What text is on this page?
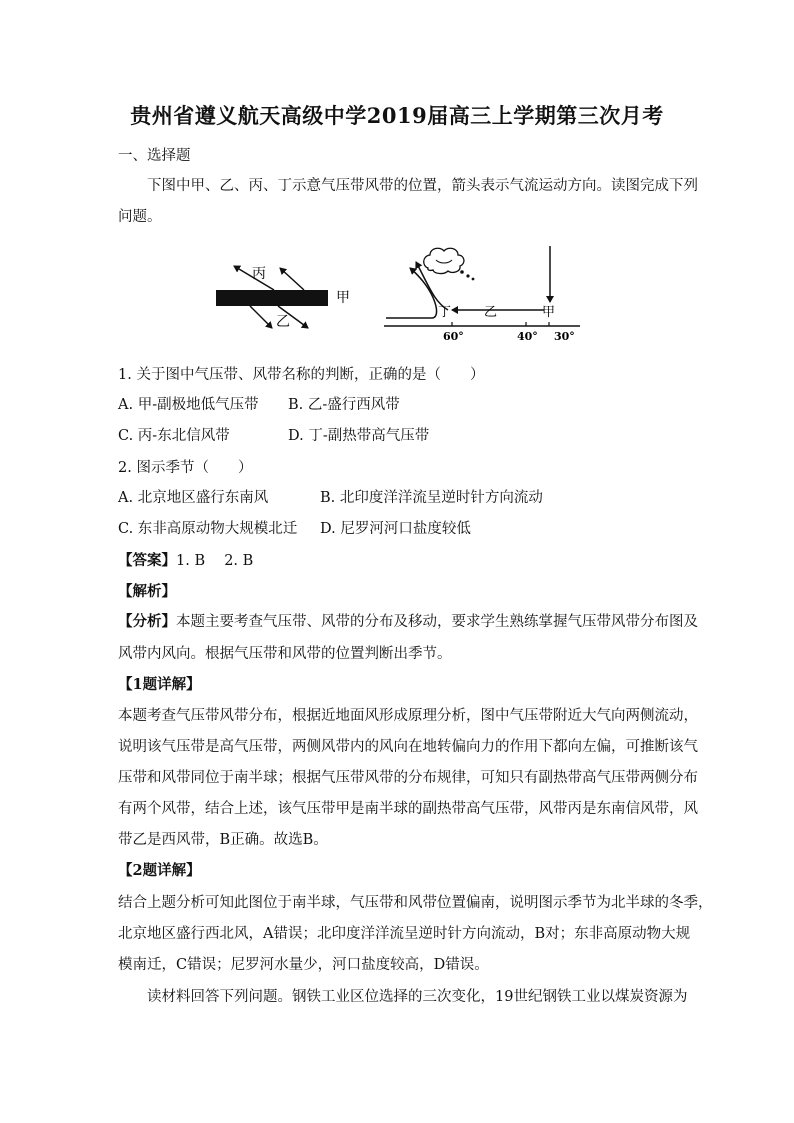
贵州省遵义航天高级中学2019届高三上学期第三次月考
一、选择题
下图中甲、乙、丙、丁示意气压带风带的位置，箭头表示气流运动方向。读图完成下列
问题。
丙
乙
甲
丁	乙	甲
60°	40° 30°
1. 关于图中气压带、风带名称的判断，正确的是（　　）
A. 甲-副极地低气压带 B. 乙-盛行西风带
C. 丙-东北信风带	D. 丁-副热带高气压带
2. 图示季节（　　）
A. 北京地区盛行东南风	B. 北印度洋洋流呈逆时针方向流动
C. 东非高原动物大规模北迁 D. 尼罗河河口盐度较低
【答案】1. B　 2. B
【解析】
【分析】本题主要考查气压带、风带的分布及移动，要求学生熟练掌握气压带风带分布图及
风带内风向。根据气压带和风带的位置判断出季节。
【1题详解】
本题考查气压带风带分布，根据近地面风形成原理分析，图中气压带附近大气向两侧流动，
说明该气压带是高气压带，两侧风带内的风向在地转偏向力的作用下都向左偏，可推断该气
压带和风带同位于南半球；根据气压带风带的分布规律，可知只有副热带高气压带两侧分布
有两个风带，结合上述，该气压带甲是南半球的副热带高气压带，风带丙是东南信风带，风
带乙是西风带，B正确。故选B。
【2题详解】
结合上题分析可知此图位于南半球，气压带和风带位置偏南，说明图示季节为北半球的冬季，
北京地区盛行西北风，A错误；北印度洋洋流呈逆时针方向流动，B对；东非高原动物大规
模南迁，C错误；尼罗河水量少，河口盐度较高，D错误。
读材料回答下列问题。钢铁工业区位选择的三次变化，19世纪钢铁工业以煤炭资源为
